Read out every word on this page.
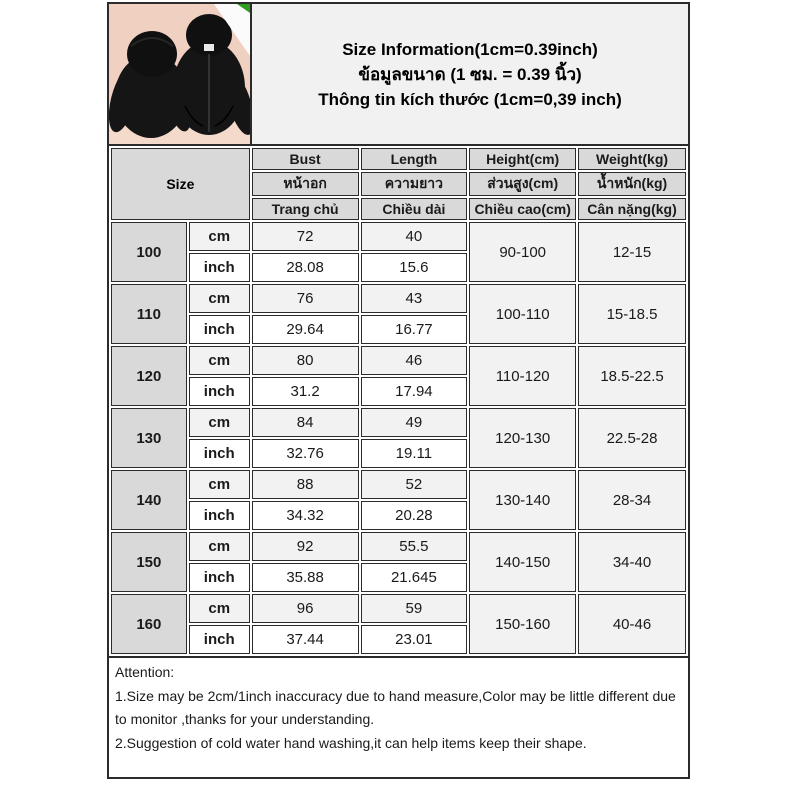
Size Information(1cm=0.39inch)
ข้อมูลขนาด (1 ซม. = 0.39 นิ้ว)
Thông tin kích thước (1cm=0,39 inch)
Size		Bust	Length	Height(cm)	Weight(kg)
		หน้าอก	ความยาว	ส่วนสูง(cm)	น้ำหนัก(kg)
		Trang chủ	Chiều dài	Chiều cao(cm)	Cân nặng(kg)
100	cm	72	40	90-100	12-15
	inch	28.08	15.6		
110	cm	76	43	100-110	15-18.5
	inch	29.64	16.77		
120	cm	80	46	110-120	18.5-22.5
	inch	31.2	17.94		
130	cm	84	49	120-130	22.5-28
	inch	32.76	19.11		
140	cm	88	52	130-140	28-34
	inch	34.32	20.28		
150	cm	92	55.5	140-150	34-40
	inch	35.88	21.645		
160	cm	96	59	150-160	40-46
	inch	37.44	23.01		
Attention:
1.Size may be 2cm/1inch inaccuracy due to hand measure,Color may be little different due to monitor ,thanks for your understanding.
2.Suggestion of cold water hand washing,it can help items keep their shape.
